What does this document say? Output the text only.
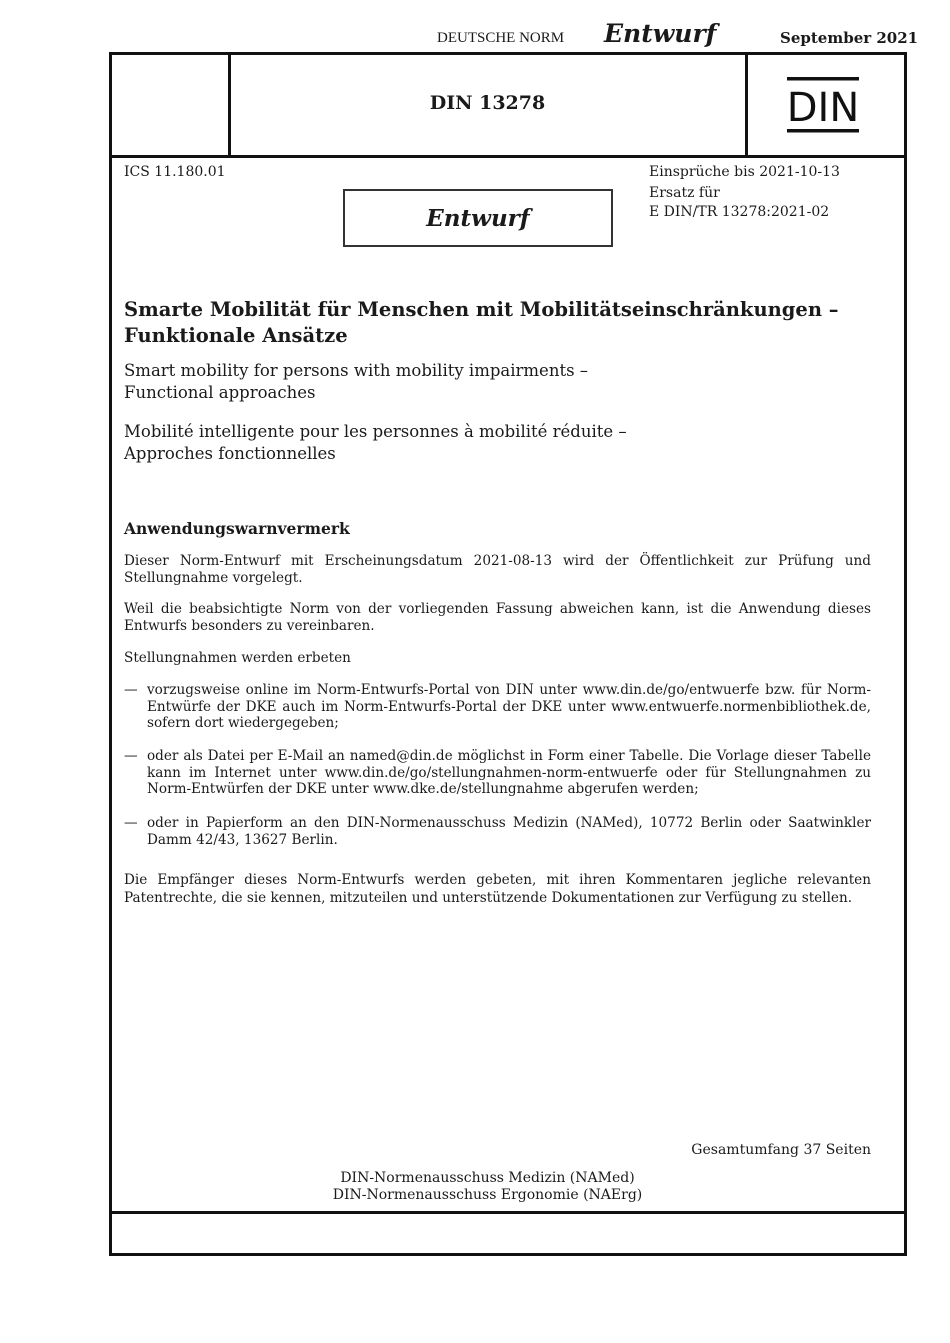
DEUTSCHE NORM Entwurf	September 2021
DIN 13278	DIN
ICS 11.180.01	Einsprüche bis 2021-10-13
Ersatz für
E DIN/TR 13278:2021-02
Entwurf
Smarte Mobilität für Menschen mit Mobilitätseinschränkungen –
Funktionale Ansätze
Smart mobility for persons with mobility impairments –
Functional approaches
Mobilité intelligente pour les personnes à mobilité réduite –
Approches fonctionnelles
Anwendungswarnvermerk
Dieser Norm-Entwurf mit Erscheinungsdatum 2021-08-13 wird der Öffentlichkeit zur Prüfung und Stellungnahme vorgelegt.
Weil die beabsichtigte Norm von der vorliegenden Fassung abweichen kann, ist die Anwendung dieses Entwurfs besonders zu vereinbaren.
Stellungnahmen werden erbeten
— vorzugsweise online im Norm-Entwurfs-Portal von DIN unter www.din.de/go/entwuerfe bzw. für Norm-Entwürfe der DKE auch im Norm-Entwurfs-Portal der DKE unter www.entwuerfe.normenbibliothek.de, sofern dort wiedergegeben;
— oder als Datei per E-Mail an named@din.de möglichst in Form einer Tabelle. Die Vorlage dieser Tabelle kann im Internet unter www.din.de/go/stellungnahmen-norm-entwuerfe oder für Stellungnahmen zu Norm-Entwürfen der DKE unter www.dke.de/stellungnahme abgerufen werden;
— oder in Papierform an den DIN-Normenausschuss Medizin (NAMed), 10772 Berlin oder Saatwinkler Damm 42/43, 13627 Berlin.
Die Empfänger dieses Norm-Entwurfs werden gebeten, mit ihren Kommentaren jegliche relevanten Patentrechte, die sie kennen, mitzuteilen und unterstützende Dokumentationen zur Verfügung zu stellen.
Gesamtumfang 37 Seiten
DIN-Normenausschuss Medizin (NAMed)
DIN-Normenausschuss Ergonomie (NAErg)
